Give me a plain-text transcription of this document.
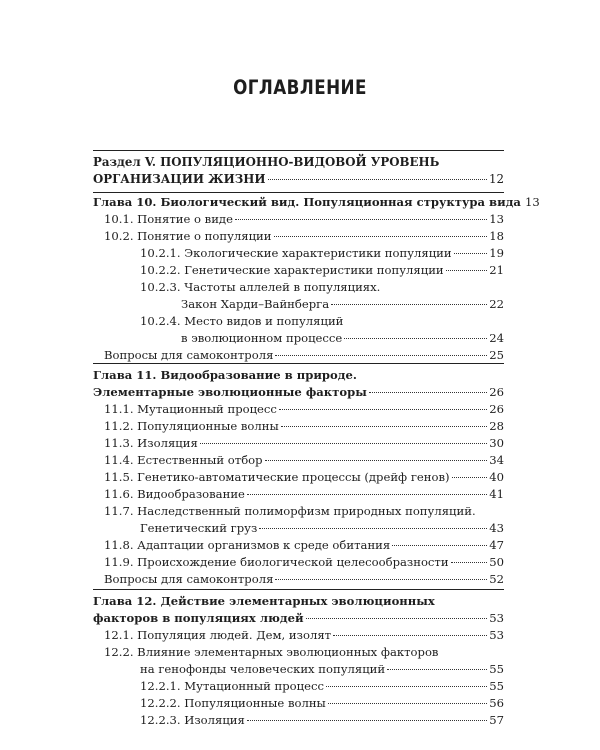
ОГЛАВЛЕНИЕ
Раздел V. ПОПУЛЯЦИОННО-ВИДОВОЙ УРОВЕНЬ
ОРГАНИЗАЦИИ ЖИЗНИ	12
Глава 10. Биологический вид. Популяционная структура вида 13
10.1. Понятие о виде	13
10.2. Понятие о популяции	18
10.2.1. Экологические характеристики популяции	19
10.2.2. Генетические характеристики популяции	21
10.2.3. Частоты аллелей в популяциях.
Закон Харди–Вайнберга	22
10.2.4. Место видов и популяций
в эволюционном процессе	24
Вопросы для самоконтроля	25
Глава 11. Видообразование в природе.
Элементарные эволюционные факторы	26
11.1. Мутационный процесс	26
11.2. Популяционные волны	28
11.3. Изоляция	30
11.4. Естественный отбор	34
11.5. Генетико-автоматические процессы (дрейф генов)	40
11.6. Видообразование	41
11.7. Наследственный полиморфизм природных популяций.
Генетический груз	43
11.8. Адаптации организмов к среде обитания	47
11.9. Происхождение биологической целесообразности	50
Вопросы для самоконтроля	52
Глава 12. Действие элементарных эволюционных
факторов в популяциях людей	53
12.1. Популяция людей. Дем, изолят	53
12.2. Влияние элементарных эволюционных факторов
на генофонды человеческих популяций	55
12.2.1. Мутационный процесс	55
12.2.2. Популяционные волны	56
12.2.3. Изоляция	57
